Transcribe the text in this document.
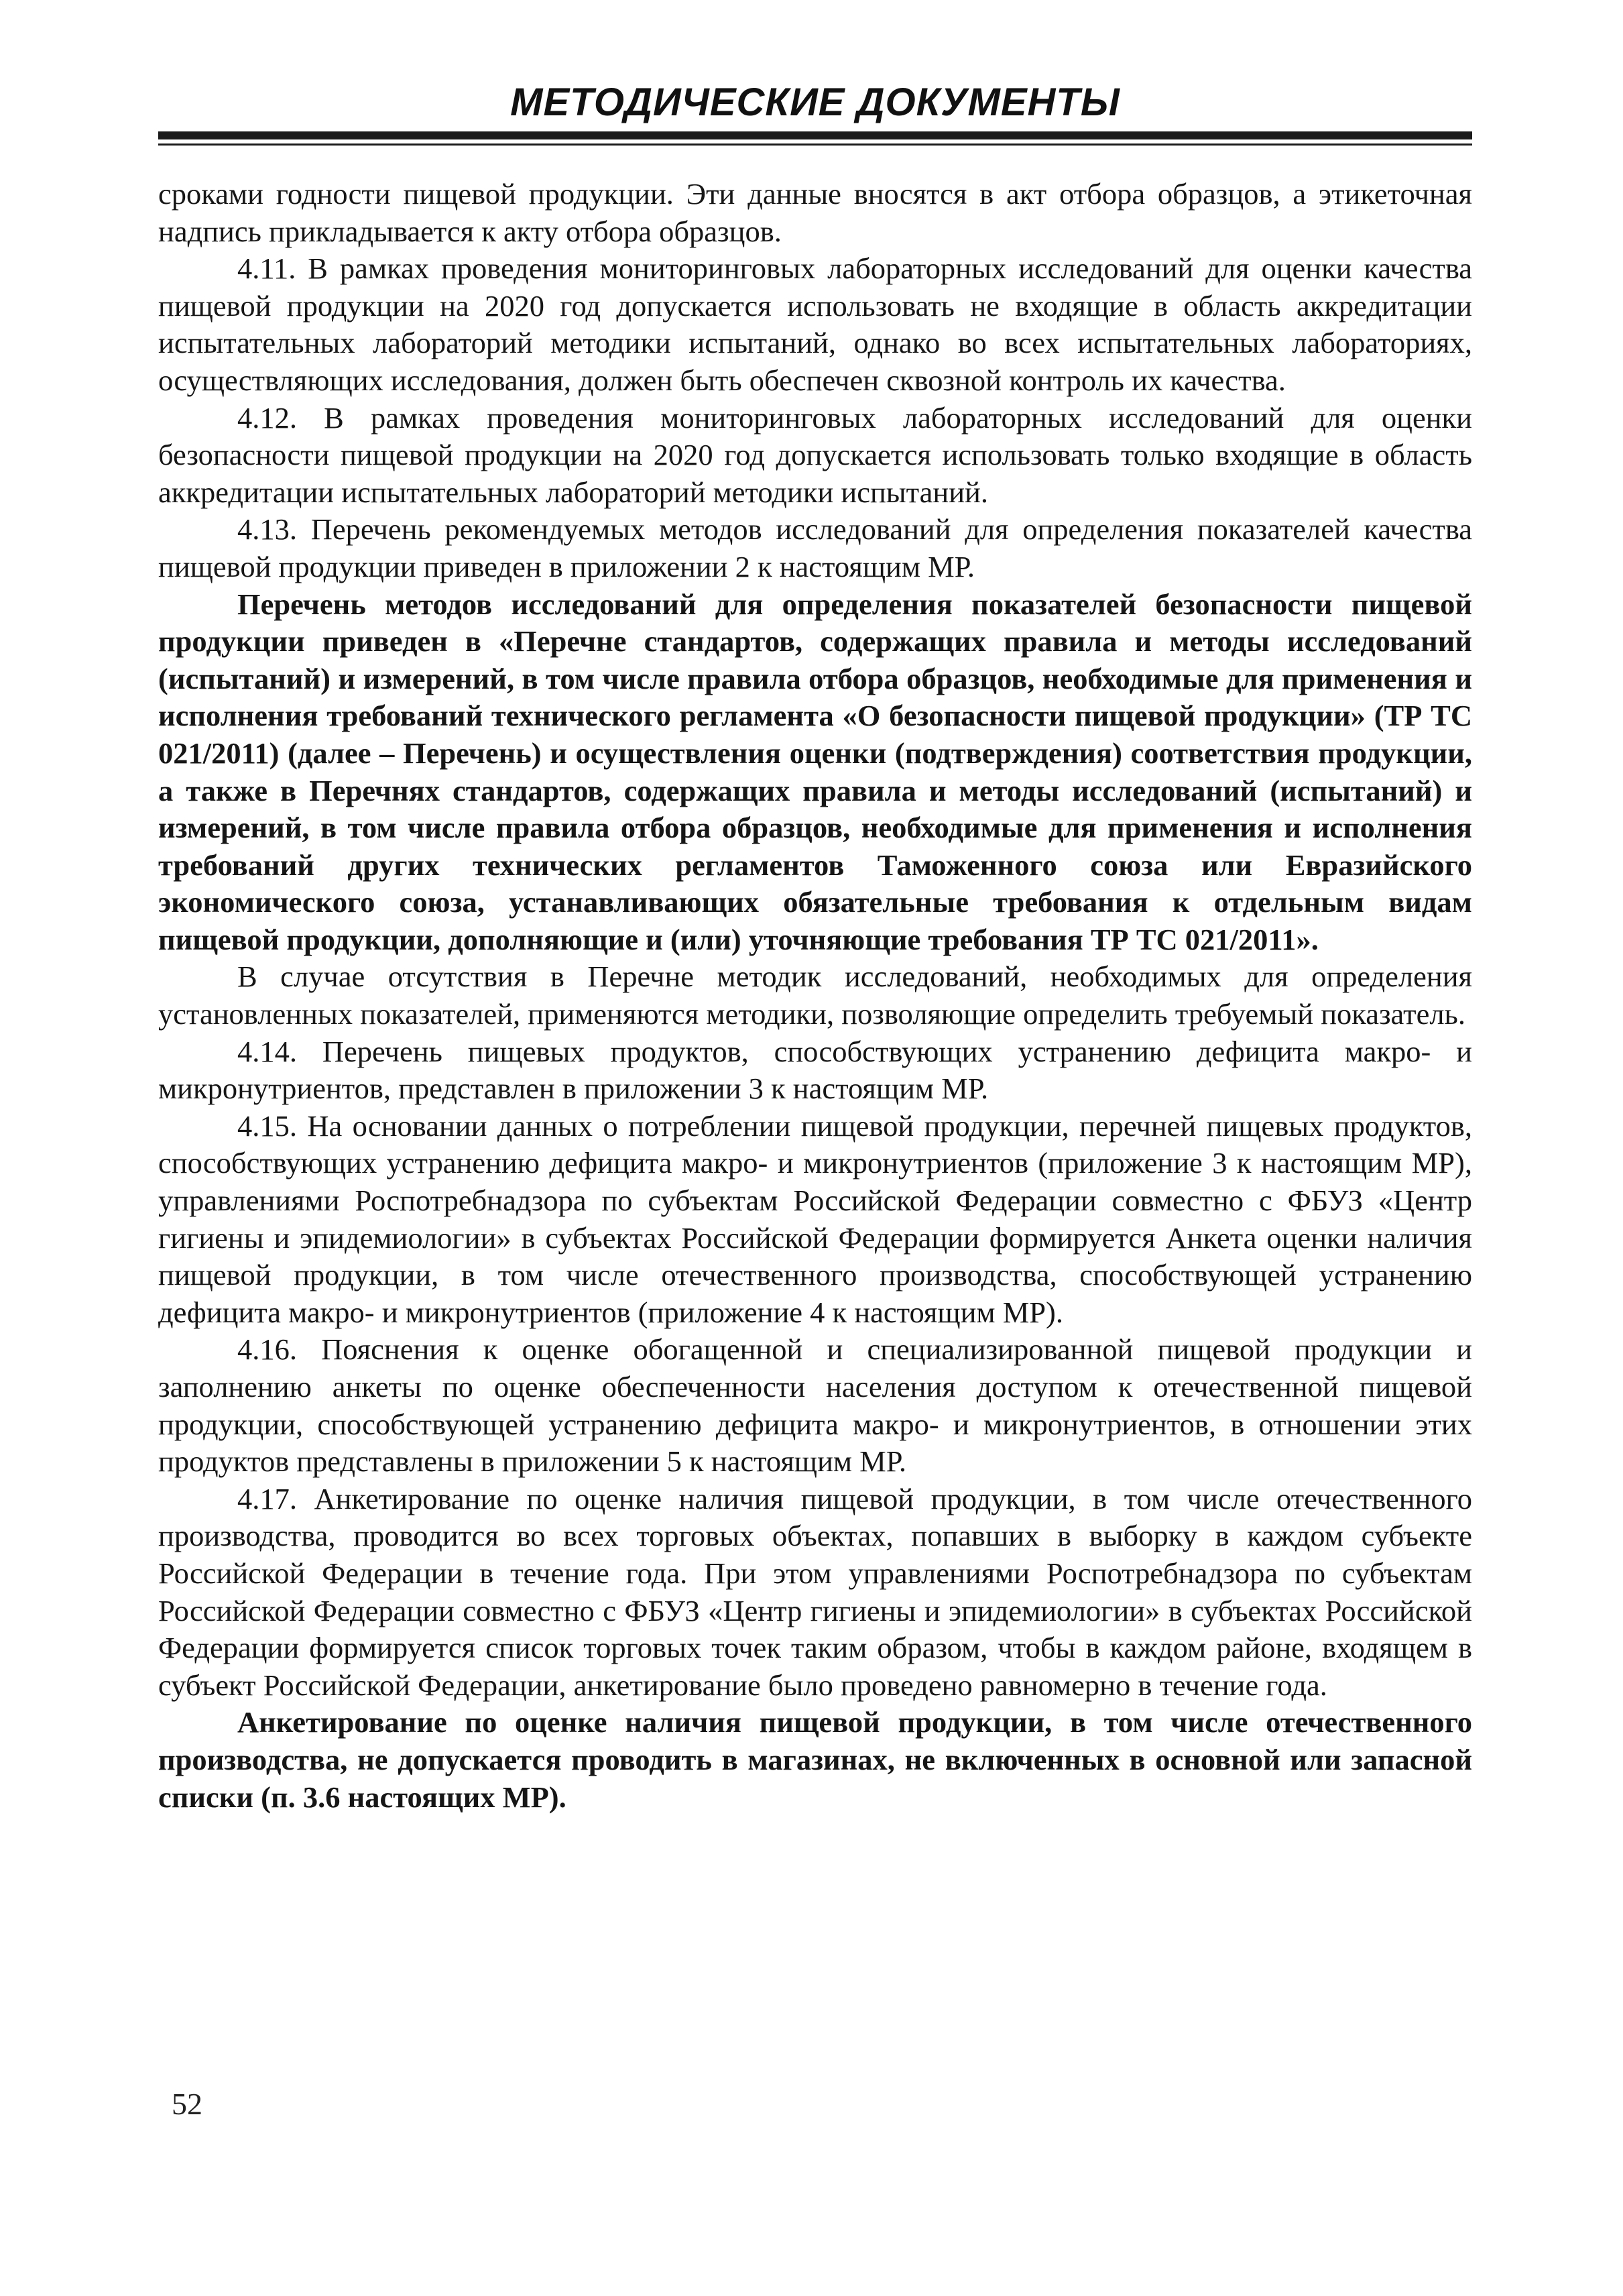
МЕТОДИЧЕСКИЕ ДОКУМЕНТЫ

сроками годности пищевой продукции. Эти данные вносятся в акт отбора образцов, а этикеточная надпись прикладывается к акту отбора образцов.

4.11. В рамках проведения мониторинговых лабораторных исследований для оценки качества пищевой продукции на 2020 год допускается использовать не входящие в область аккредитации испытательных лабораторий методики испытаний, однако во всех испытательных лабораториях, осуществляющих исследования, должен быть обеспечен сквозной контроль их качества.

4.12. В рамках проведения мониторинговых лабораторных исследований для оценки безопасности пищевой продукции на 2020 год допускается использовать только входящие в область аккредитации испытательных лабораторий методики испытаний.

4.13. Перечень рекомендуемых методов исследований для определения показателей качества пищевой продукции приведен в приложении 2 к настоящим МР.

Перечень методов исследований для определения показателей безопасности пищевой продукции приведен в «Перечне стандартов, содержащих правила и методы исследований (испытаний) и измерений, в том числе правила отбора образцов, необходимые для применения и исполнения требований технического регламента «О безопасности пищевой продукции» (ТР ТС 021/2011) (далее – Перечень) и осуществления оценки (подтверждения) соответствия продукции, а также в Перечнях стандартов, содержащих правила и методы исследований (испытаний) и измерений, в том числе правила отбора образцов, необходимые для применения и исполнения требований других технических регламентов Таможенного союза или Евразийского экономического союза, устанавливающих обязательные требования к отдельным видам пищевой продукции, дополняющие и (или) уточняющие требования ТР ТС 021/2011».

В случае отсутствия в Перечне методик исследований, необходимых для определения установленных показателей, применяются методики, позволяющие определить требуемый показатель.

4.14. Перечень пищевых продуктов, способствующих устранению дефицита макро- и микронутриентов, представлен в приложении 3 к настоящим МР.

4.15. На основании данных о потреблении пищевой продукции, перечней пищевых продуктов, способствующих устранению дефицита макро- и микронутриентов (приложение 3 к настоящим МР), управлениями Роспотребнадзора по субъектам Российской Федерации совместно с ФБУЗ «Центр гигиены и эпидемиологии» в субъектах Российской Федерации формируется Анкета оценки наличия пищевой продукции, в том числе отечественного производства, способствующей устранению дефицита макро- и микронутриентов (приложение 4 к настоящим МР).

4.16. Пояснения к оценке обогащенной и специализированной пищевой продукции и заполнению анкеты по оценке обеспеченности населения доступом к отечественной пищевой продукции, способствующей устранению дефицита макро- и микронутриентов, в отношении этих продуктов представлены в приложении 5 к настоящим МР.

4.17. Анкетирование по оценке наличия пищевой продукции, в том числе отечественного производства, проводится во всех торговых объектах, попавших в выборку в каждом субъекте Российской Федерации в течение года. При этом управлениями Роспотребнадзора по субъектам Российской Федерации совместно с ФБУЗ «Центр гигиены и эпидемиологии» в субъектах Российской Федерации формируется список торговых точек таким образом, чтобы в каждом районе, входящем в субъект Российской Федерации, анкетирование было проведено равномерно в течение года.

Анкетирование по оценке наличия пищевой продукции, в том числе отечественного производства, не допускается проводить в магазинах, не включенных в основной или запасной списки (п. 3.6 настоящих МР).

52
